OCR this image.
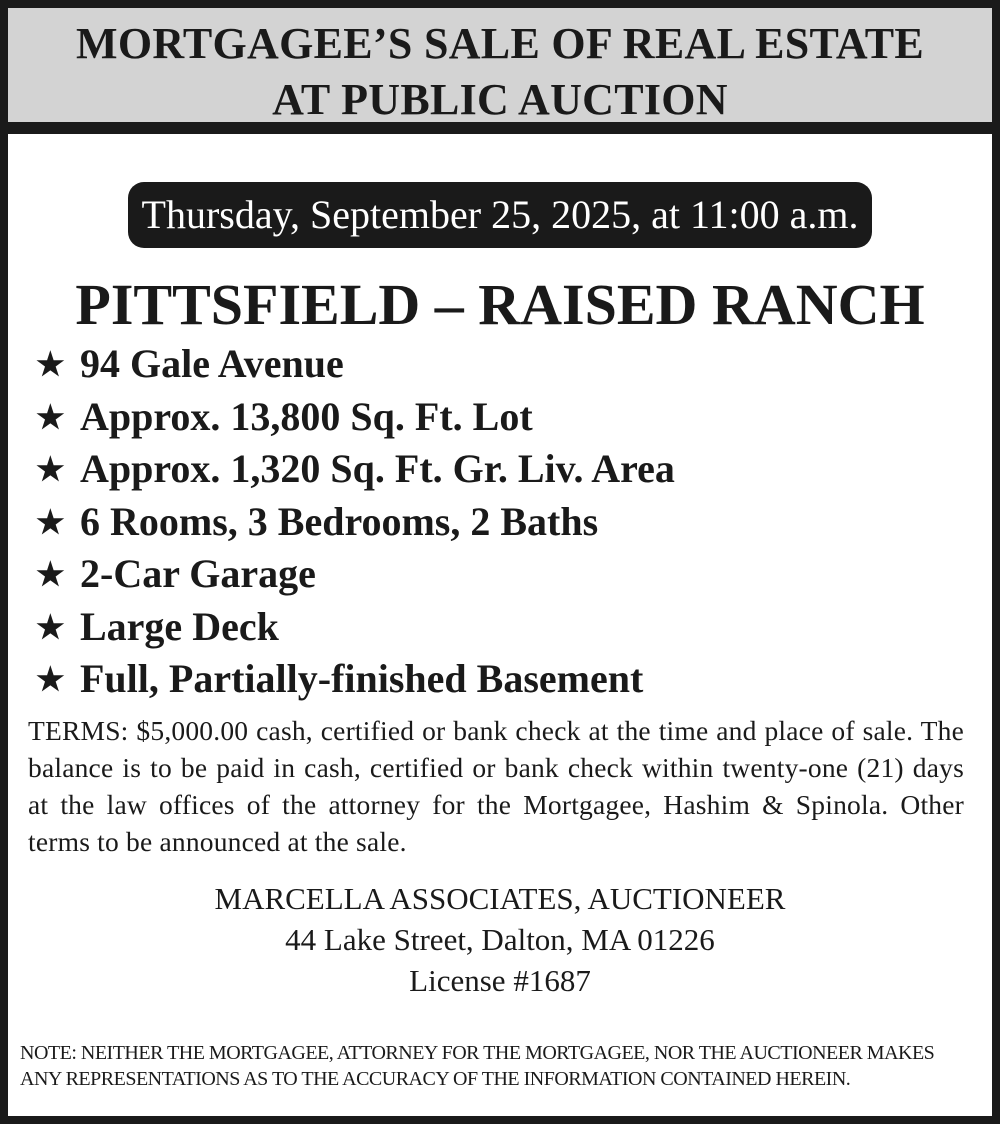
MORTGAGEE’S SALE OF REAL ESTATE
AT PUBLIC AUCTION
Thursday, September 25, 2025, at 11:00 a.m.
PITTSFIELD – RAISED RANCH
★ 94 Gale Avenue
★ Approx. 13,800 Sq. Ft. Lot
★ Approx. 1,320 Sq. Ft. Gr. Liv. Area
★ 6 Rooms, 3 Bedrooms, 2 Baths
★ 2-Car Garage
★ Large Deck
★ Full, Partially-finished Basement

TERMS: $5,000.00 cash, certified or bank check at the time and place of sale. The balance is to be paid in cash, certified or bank check within twenty-one (21) days at the law offices of the attorney for the Mortgagee, Hashim & Spinola. Other terms to be announced at the sale.

MARCELLA ASSOCIATES, AUCTIONEER
44 Lake Street, Dalton, MA 01226
License #1687
NOTE: NEITHER THE MORTGAGEE, ATTORNEY FOR THE MORTGAGEE, NOR THE AUCTIONEER MAKES
ANY REPRESENTATIONS AS TO THE ACCURACY OF THE INFORMATION CONTAINED HEREIN.
